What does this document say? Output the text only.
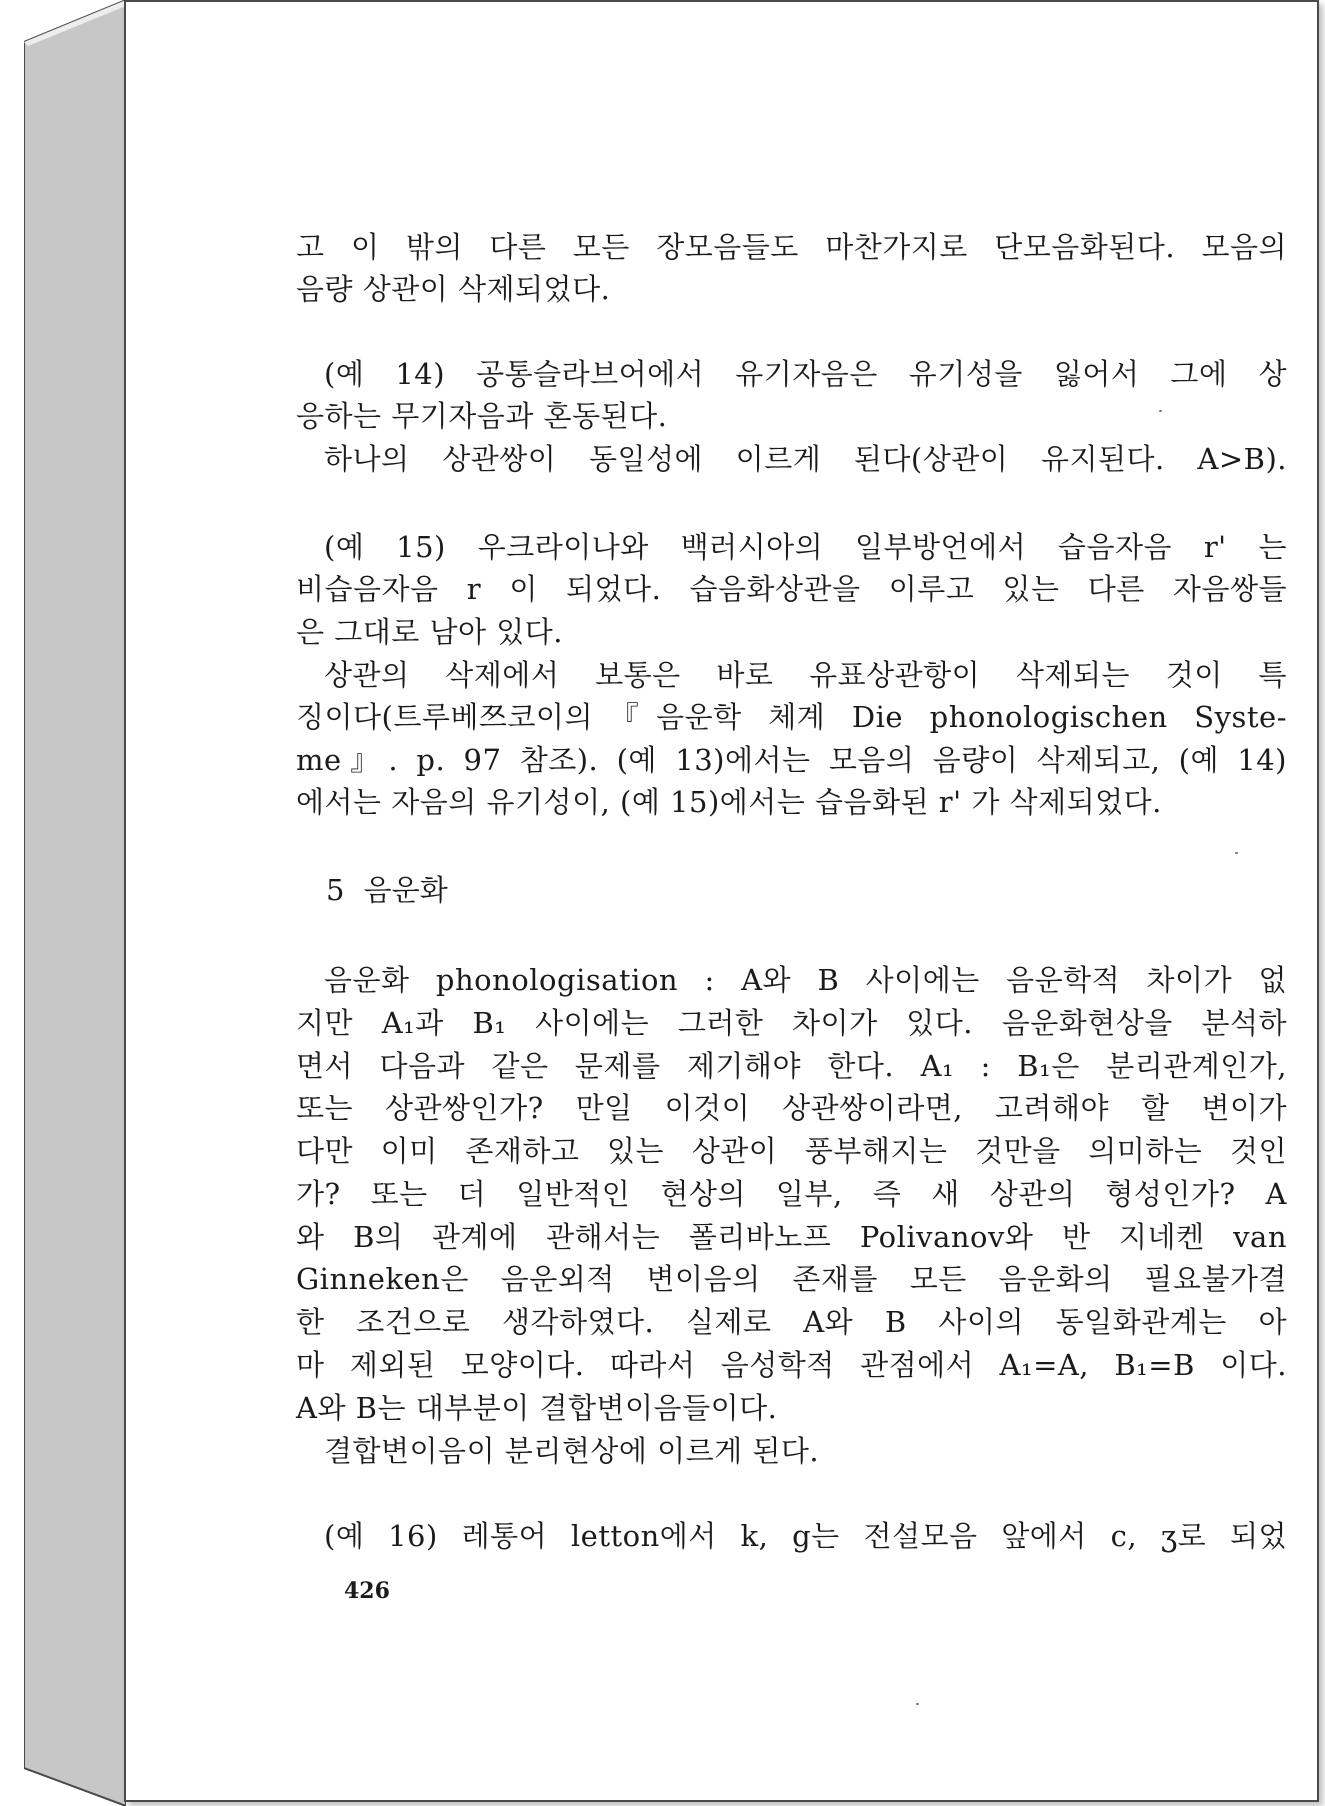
고 이 밖의 다른 모든 장모음들도 마찬가지로 단모음화된다. 모음의
음량 상관이 삭제되었다.
(예 14) 공통슬라브어에서 유기자음은 유기성을 잃어서 그에 상
응하는 무기자음과 혼동된다.
하나의 상관쌍이 동일성에 이르게 된다(상관이 유지된다. A>B).
(예 15) 우크라이나와 백러시아의 일부방언에서 습음자음 r' 는
비습음자음 r 이 되었다. 습음화상관을 이루고 있는 다른 자음쌍들
은 그대로 남아 있다.
상관의 삭제에서 보통은 바로 유표상관항이 삭제되는 것이 특
징이다(트루베쯔코이의『음운학 체계 Die phonologischen Syste-
me』. p. 97 참조). (예 13)에서는 모음의 음량이 삭제되고, (예 14)
에서는 자음의 유기성이, (예 15)에서는 습음화된 r' 가 삭제되었다.
5 음운화
음운화 phonologisation : A와 B 사이에는 음운학적 차이가 없
지만 A₁과 B₁ 사이에는 그러한 차이가 있다. 음운화현상을 분석하
면서 다음과 같은 문제를 제기해야 한다. A₁ : B₁은 분리관계인가,
또는 상관쌍인가? 만일 이것이 상관쌍이라면, 고려해야 할 변이가
다만 이미 존재하고 있는 상관이 풍부해지는 것만을 의미하는 것인
가? 또는 더 일반적인 현상의 일부, 즉 새 상관의 형성인가? A
와 B의 관계에 관해서는 폴리바노프 Polivanov와 반 지네켄 van
Ginneken은 음운외적 변이음의 존재를 모든 음운화의 필요불가결
한 조건으로 생각하였다. 실제로 A와 B 사이의 동일화관계는 아
마 제외된 모양이다. 따라서 음성학적 관점에서 A₁=A, B₁=B 이다.
A와 B는 대부분이 결합변이음들이다.
결합변이음이 분리현상에 이르게 된다.
(예 16) 레통어 letton에서 k, g는 전설모음 앞에서 c, ʒ로 되었
426
